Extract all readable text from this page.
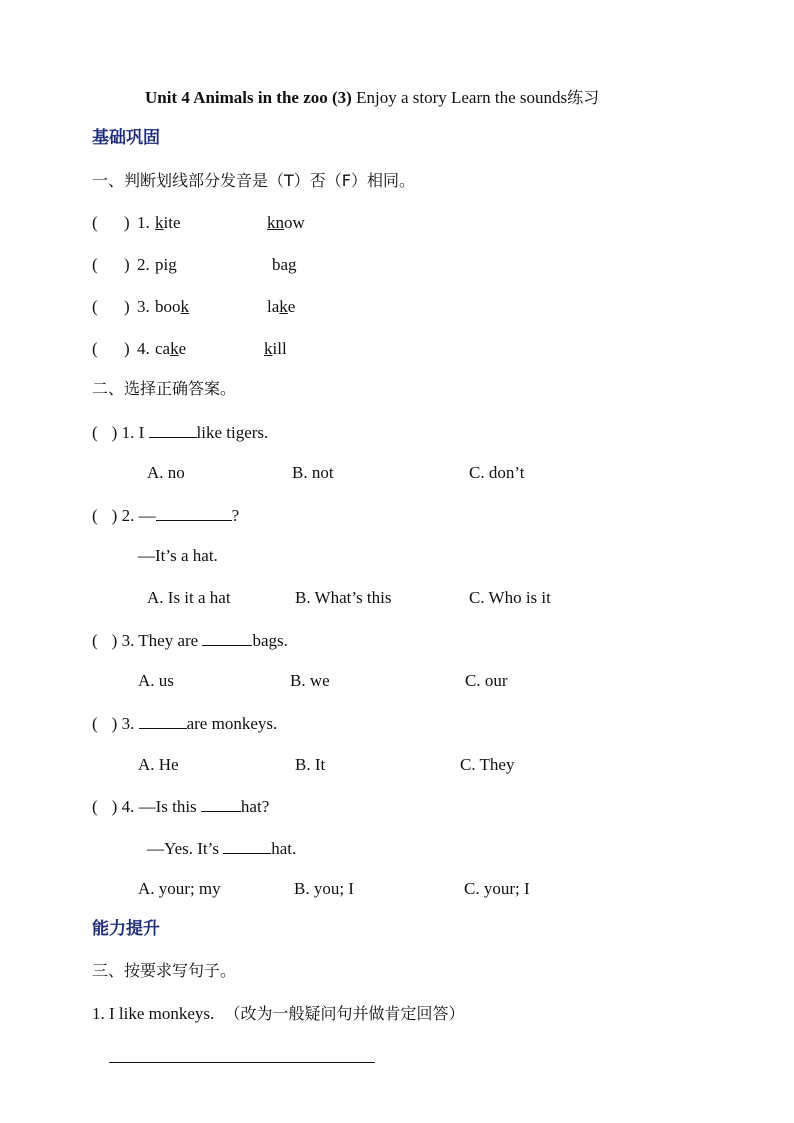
Unit 4 Animals in the zoo (3) Enjoy a story Learn the sounds练习
基础巩固
一、判断划线部分发音是（T）否（F）相同。
( ) 1. kite	know
( ) 2. pig	bag
( ) 3. book	lake
( ) 4. cake	kill
二、选择正确答案。
( ) 1. I	like tigers.
A. no	B. not	C. don’t
( ) 2. —	?
—It’s a hat.
A. Is it a hat	B. What’s this	C. Who is it
( ) 3. They are	bags.
A. us	B. we	C. our
( ) 3.	are monkeys.
A. He	B. It	C. They
( ) 4. —Is this	hat?
—Yes. It’s	hat.
A. your; my	B. you; I	C. your; I
能力提升
三、按要求写句子。
1. I like monkeys. （改为一般疑问句并做肯定回答）
